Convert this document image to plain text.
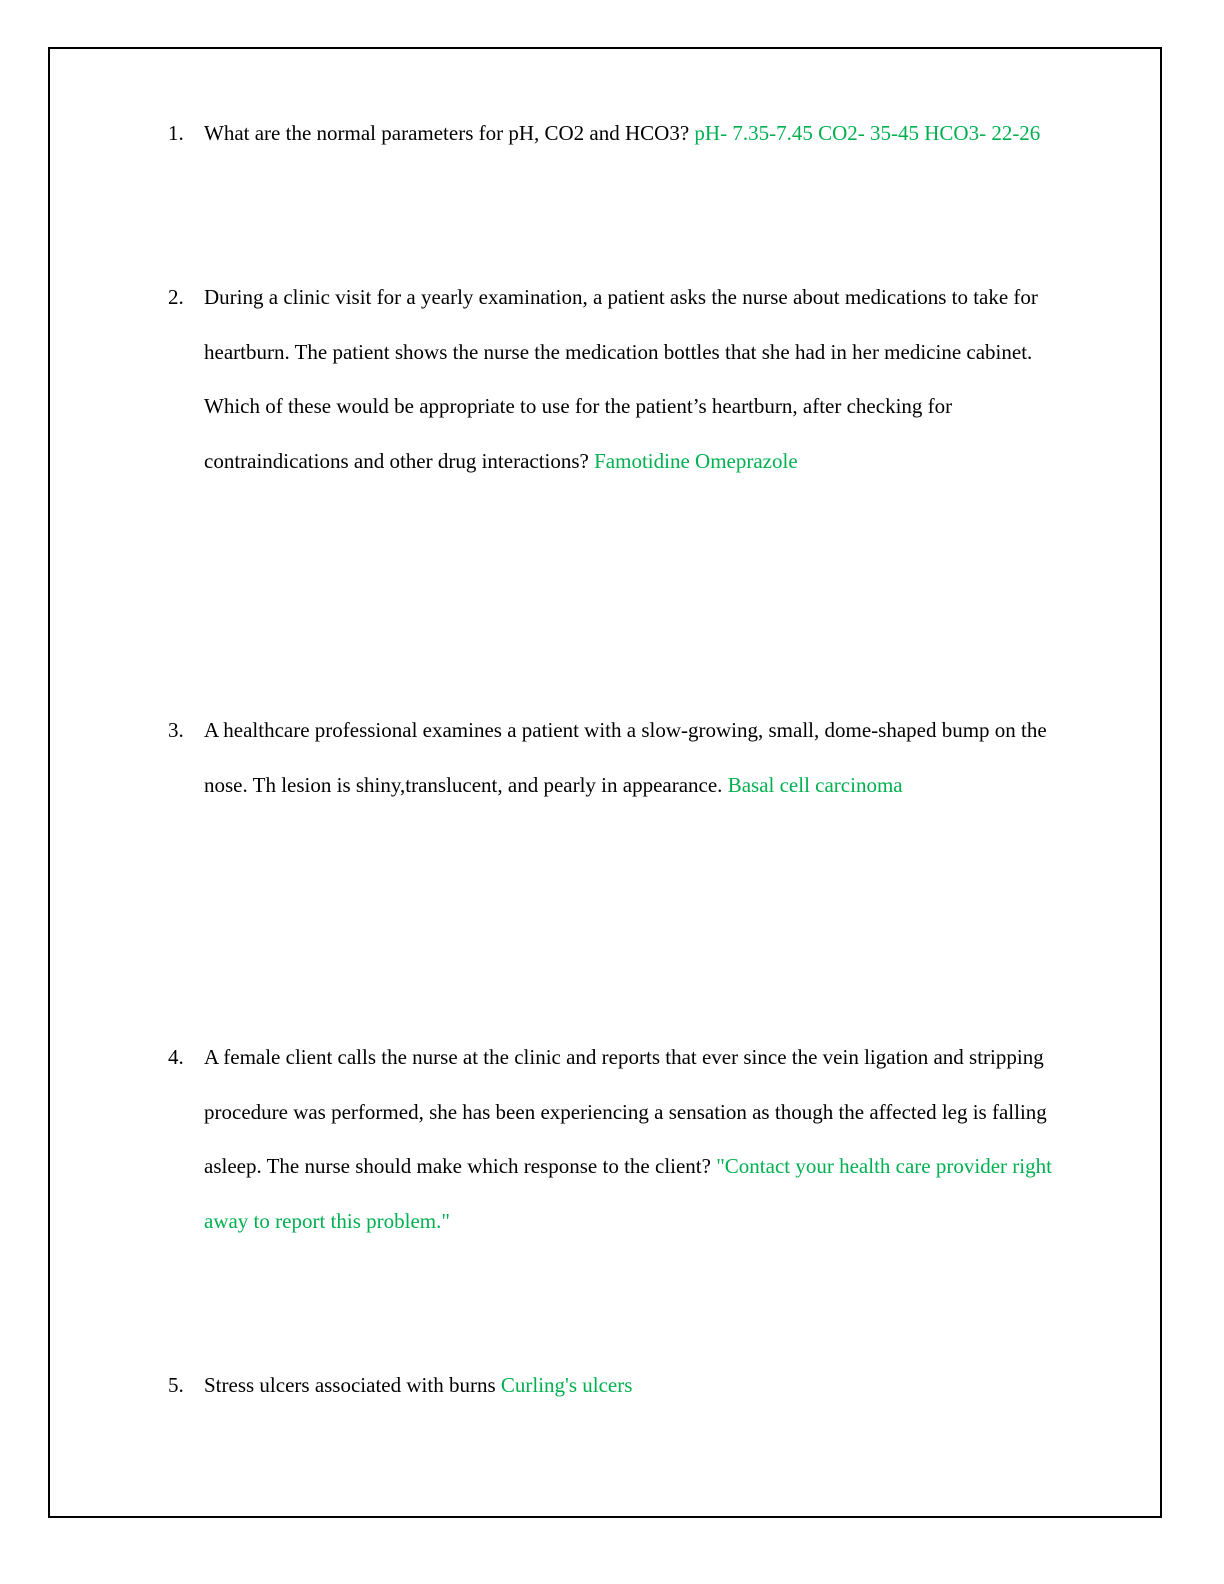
1. What are the normal parameters for pH, CO2 and HCO3? pH- 7.35-7.45 CO2- 35-45 HCO3- 22-26
2. During a clinic visit for a yearly examination, a patient asks the nurse about medications to take for heartburn. The patient shows the nurse the medication bottles that she had in her medicine cabinet. Which of these would be appropriate to use for the patient’s heartburn, after checking for contraindications and other drug interactions? Famotidine Omeprazole
3. A healthcare professional examines a patient with a slow-growing, small, dome-shaped bump on the nose. Th lesion is shiny,translucent, and pearly in appearance. Basal cell carcinoma
4. A female client calls the nurse at the clinic and reports that ever since the vein ligation and stripping procedure was performed, she has been experiencing a sensation as though the affected leg is falling asleep. The nurse should make which response to the client? "Contact your health care provider right away to report this problem."
5. Stress ulcers associated with burns Curling's ulcers
